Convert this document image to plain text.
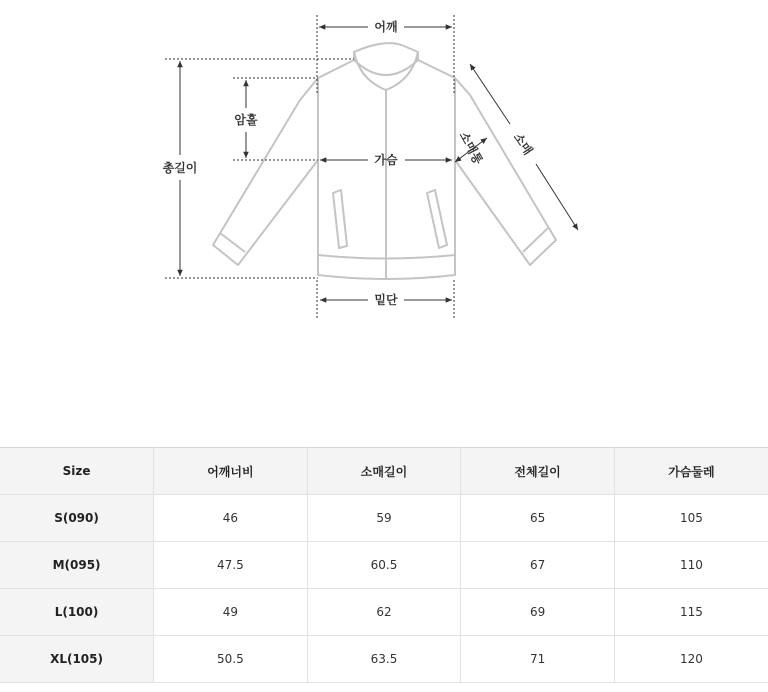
어깨
암홀
총길이
가슴
밑단
소매
소매통
Size	어깨너비	소매길이	전체길이	가슴둘레
S(090)	46	59	65	105
M(095)	47.5	60.5	67	110
L(100)	49	62	69	115
XL(105)	50.5	63.5	71	120
